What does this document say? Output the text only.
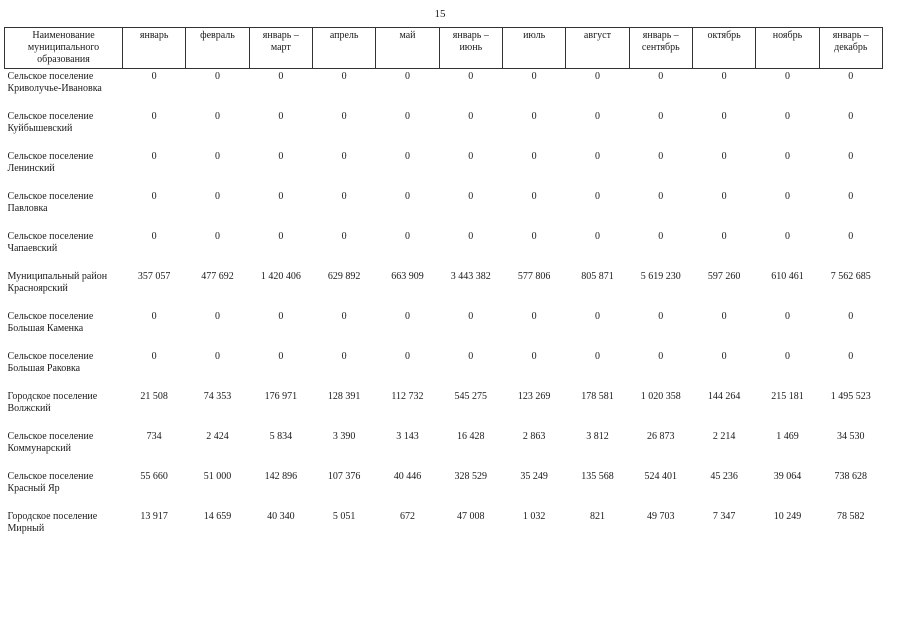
15
Наименование муниципального образования	январь	февраль	январь – март	апрель	май	январь – июнь	июль	август	январь – сентябрь	октябрь	ноябрь	январь – декабрь
Сельское поселение Криволучье-Ивановка	0	0	0	0	0	0	0	0	0	0	0	0
Сельское поселение Куйбышевский	0	0	0	0	0	0	0	0	0	0	0	0
Сельское поселение Ленинский	0	0	0	0	0	0	0	0	0	0	0	0
Сельское поселение Павловка	0	0	0	0	0	0	0	0	0	0	0	0
Сельское поселение Чапаевский	0	0	0	0	0	0	0	0	0	0	0	0
Муниципальный район Красноярский	357 057	477 692	1 420 406	629 892	663 909	3 443 382	577 806	805 871	5 619 230	597 260	610 461	7 562 685
Сельское поселение Большая Каменка	0	0	0	0	0	0	0	0	0	0	0	0
Сельское поселение Большая Раковка	0	0	0	0	0	0	0	0	0	0	0	0
Городское поселение Волжский	21 508	74 353	176 971	128 391	112 732	545 275	123 269	178 581	1 020 358	144 264	215 181	1 495 523
Сельское поселение Коммунарский	734	2 424	5 834	3 390	3 143	16 428	2 863	3 812	26 873	2 214	1 469	34 530
Сельское поселение Красный Яр	55 660	51 000	142 896	107 376	40 446	328 529	35 249	135 568	524 401	45 236	39 064	738 628
Городское поселение Мирный	13 917	14 659	40 340	5 051	672	47 008	1 032	821	49 703	7 347	10 249	78 582
